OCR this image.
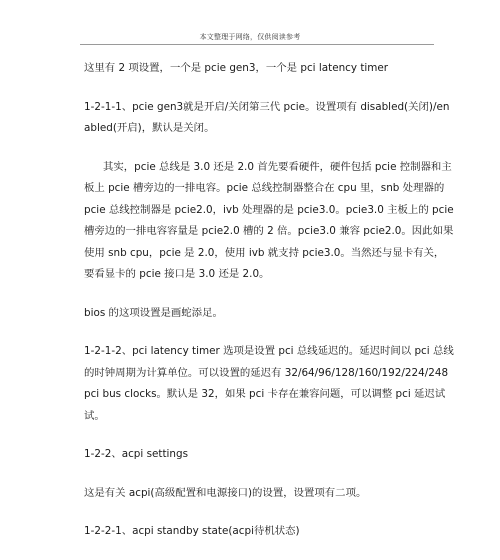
本文整理于网络，仅供阅读参考

这里有 2 项设置，一个是 pcie gen3，一个是 pci latency timer

1-2-1-1、pcie gen3就是开启/关闭第三代 pcie。设置项有 disabled(关闭)/enabled(开启)，默认是关闭。

其实，pcie 总线是 3.0 还是 2.0 首先要看硬件，硬件包括 pcie 控制器和主板上 pcie 槽旁边的一排电容。pcie 总线控制器整合在 cpu 里，snb 处理器的 pcie 总线控制器是 pcie2.0，ivb 处理器的是 pcie3.0。pcie3.0 主板上的 pcie 槽旁边的一排电容容量是 pcie2.0 槽的 2 倍。pcie3.0 兼容 pcie2.0。因此如果使用 snb cpu，pcie 是 2.0，使用 ivb 就支持 pcie3.0。当然还与显卡有关，要看显卡的 pcie 接口是 3.0 还是 2.0。

bios 的这项设置是画蛇添足。

1-2-1-2、pci latency timer 选项是设置 pci 总线延迟的。延迟时间以 pci 总线的时钟周期为计算单位。可以设置的延迟有 32/64/96/128/160/192/224/248 pci bus clocks。默认是 32，如果 pci 卡存在兼容问题，可以调整 pci 延迟试试。

1-2-2、acpi settings

这是有关 acpi(高级配置和电源接口)的设置，设置项有二项。

1-2-2-1、acpi standby state(acpi待机状态)
